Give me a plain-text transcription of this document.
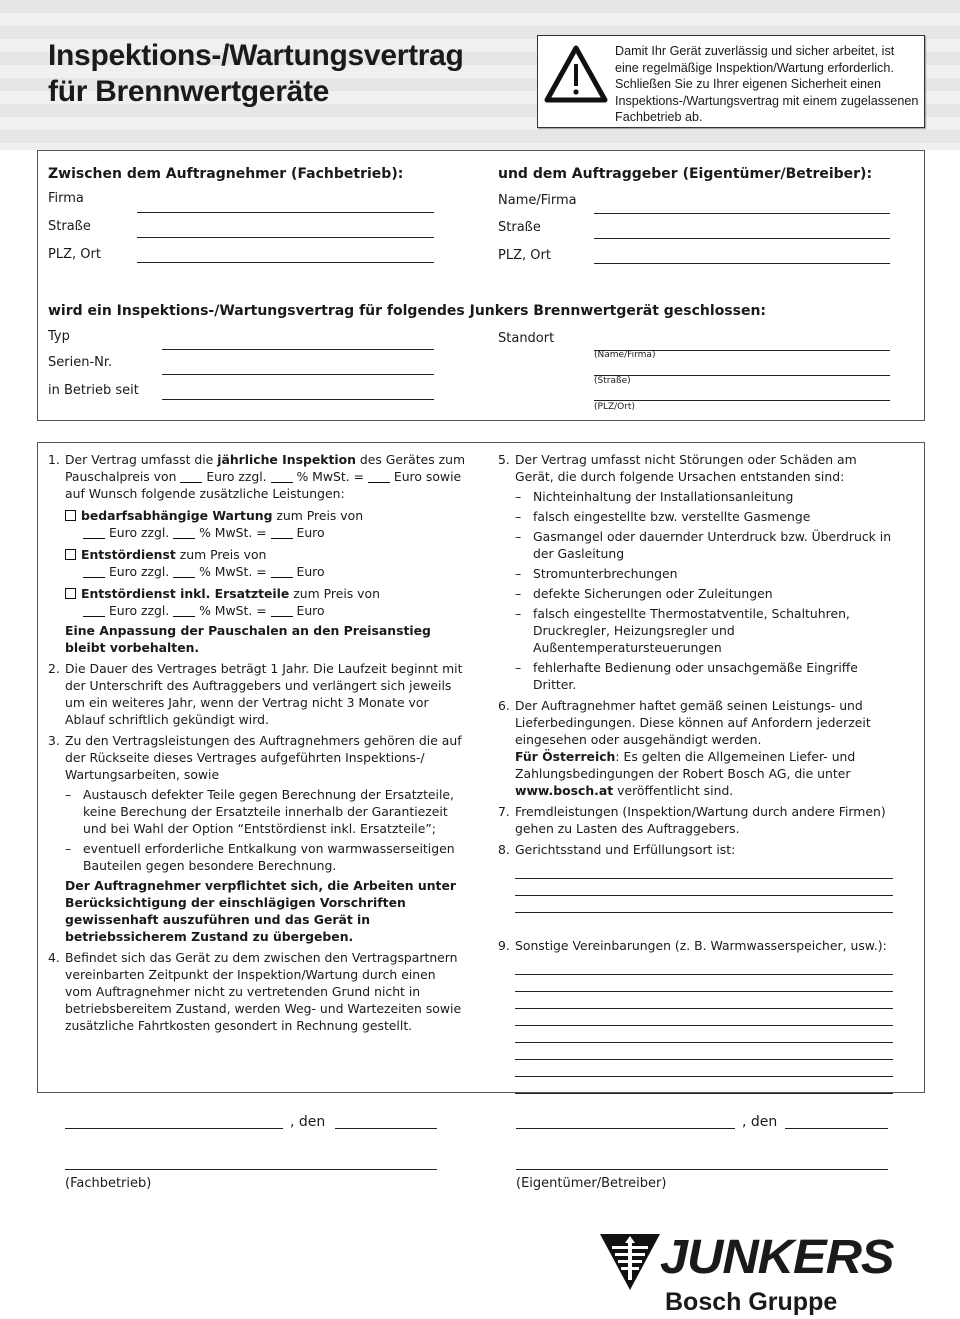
Inspektions-/Wartungsvertrag
für Brennwertgeräte
Damit Ihr Gerät zuverlässig und sicher arbeitet, ist eine regelmäßige Inspektion/Wartung erforderlich. Schließen Sie zu Ihrer eigenen Sicherheit einen Inspektions-/Wartungsvertrag mit einem zugelassenen Fachbetrieb ab.
Zwischen dem Auftragnehmer (Fachbetrieb):
Firma
Straße
PLZ, Ort
und dem Auftraggeber (Eigentümer/Betreiber):
Name/Firma
Straße
PLZ, Ort
wird ein Inspektions-/Wartungsvertrag für folgendes Junkers Brennwertgerät geschlossen:
Typ
Serien-Nr.
in Betrieb seit
Standort
(Name/Firma)
(Straße)
(PLZ/Ort)
1. Der Vertrag umfasst die jährliche Inspektion des Gerätes zum Pauschalpreis von  Euro zzgl.  % MwSt. =  Euro sowie auf Wunsch folgende zusätzliche Leistungen:
bedarfsabhängige Wartung zum Preis von
Euro zzgl.  % MwSt. =  Euro
Entstördienst zum Preis von
Euro zzgl.  % MwSt. =  Euro
Entstördienst inkl. Ersatzteile zum Preis von
Euro zzgl.  % MwSt. =  Euro
Eine Anpassung der Pauschalen an den Preisanstieg bleibt vorbehalten.
2. Die Dauer des Vertrages beträgt 1 Jahr. Die Laufzeit beginnt mit der Unterschrift des Auftraggebers und verlängert sich jeweils um ein weiteres Jahr, wenn der Vertrag nicht 3 Monate vor Ablauf schriftlich gekündigt wird.
3. Zu den Vertragsleistungen des Auftragnehmers gehören die auf der Rückseite dieses Vertrages aufgeführten Inspektions-/ Wartungsarbeiten, sowie
– Austausch defekter Teile gegen Berechnung der Ersatzteile, keine Berechung der Ersatzteile innerhalb der Garantiezeit und bei Wahl der Option “Entstördienst inkl. Ersatzteile”;
– eventuell erforderliche Entkalkung von warmwasserseitigen Bauteilen gegen besondere Berechnung.
Der Auftragnehmer verpflichtet sich, die Arbeiten unter Berücksichtigung der einschlägigen Vorschriften gewissenhaft auszuführen und das Gerät in betriebssicherem Zustand zu übergeben.
4. Befindet sich das Gerät zu dem zwischen den Vertragspartnern vereinbarten Zeitpunkt der Inspektion/Wartung durch einen vom Auftragnehmer nicht zu vertretenden Grund nicht in betriebsbereitem Zustand, werden Weg- und Wartezeiten sowie zusätzliche Fahrtkosten gesondert in Rechnung gestellt.
5. Der Vertrag umfasst nicht Störungen oder Schäden am Gerät, die durch folgende Ursachen entstanden sind:
– Nichteinhaltung der Installationsanleitung
– falsch eingestellte bzw. verstellte Gasmenge
– Gasmangel oder dauernder Unterdruck bzw. Überdruck in der Gasleitung
– Stromunterbrechungen
– defekte Sicherungen oder Zuleitungen
– falsch eingestellte Thermostatventile, Schaltuhren, Druckregler, Heizungsregler und Außentemperatursteuerungen
– fehlerhafte Bedienung oder unsachgemäße Eingriffe Dritter.
6. Der Auftragnehmer haftet gemäß seinen Leistungs- und Lieferbedingungen. Diese können auf Anfordern jederzeit eingesehen oder ausgehändigt werden.
Für Österreich: Es gelten die Allgemeinen Liefer- und Zahlungsbedingungen der Robert Bosch AG, die unter www.bosch.at veröffentlicht sind.
7. Fremdleistungen (Inspektion/Wartung durch andere Firmen) gehen zu Lasten des Auftraggebers.
8. Gerichtsstand und Erfüllungsort ist:
9. Sonstige Vereinbarungen (z. B. Warmwasserspeicher, usw.):
, den	, den
(Fachbetrieb)	(Eigentümer/Betreiber)
JUNKERS
Bosch Gruppe
